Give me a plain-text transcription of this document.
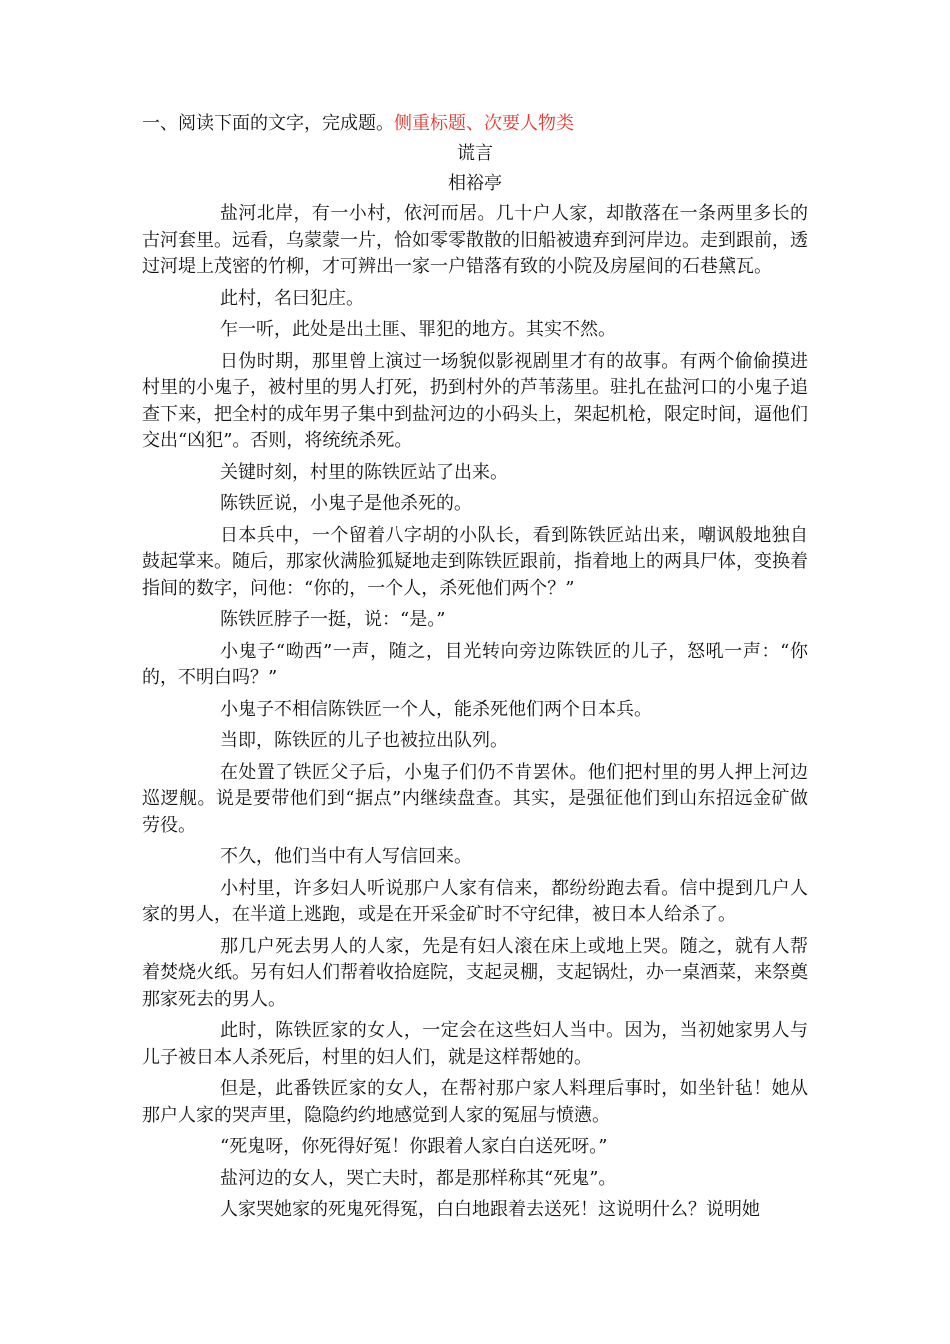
一、阅读下面的文字，完成题。侧重标题、次要人物类
谎言
相裕亭

盐河北岸，有一小村，依河而居。几十户人家，却散落在一条两里多长的古河套里。远看，乌蒙蒙一片，恰如零零散散的旧船被遗弃到河岸边。走到跟前，透过河堤上茂密的竹柳，才可辨出一家一户错落有致的小院及房屋间的石巷黛瓦。

此村，名曰犯庄。

乍一听，此处是出土匪、罪犯的地方。其实不然。

日伪时期，那里曾上演过一场貌似影视剧里才有的故事。有两个偷偷摸进村里的小鬼子，被村里的男人打死，扔到村外的芦苇荡里。驻扎在盐河口的小鬼子追查下来，把全村的成年男子集中到盐河边的小码头上，架起机枪，限定时间，逼他们交出“凶犯”。否则，将统统杀死。

关键时刻，村里的陈铁匠站了出来。

陈铁匠说，小鬼子是他杀死的。

日本兵中，一个留着八字胡的小队长，看到陈铁匠站出来，嘲讽般地独自鼓起掌来。随后，那家伙满脸狐疑地走到陈铁匠跟前，指着地上的两具尸体，变换着指间的数字，问他：“你的，一个人，杀死他们两个？”

陈铁匠脖子一挺，说：“是。”

小鬼子“呦西”一声，随之，目光转向旁边陈铁匠的儿子，怒吼一声：“你的，不明白吗？”

小鬼子不相信陈铁匠一个人，能杀死他们两个日本兵。

当即，陈铁匠的儿子也被拉出队列。

在处置了铁匠父子后，小鬼子们仍不肯罢休。他们把村里的男人押上河边巡逻舰。说是要带他们到“据点”内继续盘查。其实，是强征他们到山东招远金矿做劳役。

不久，他们当中有人写信回来。

小村里，许多妇人听说那户人家有信来，都纷纷跑去看。信中提到几户人家的男人，在半道上逃跑，或是在开采金矿时不守纪律，被日本人给杀了。

那几户死去男人的人家，先是有妇人滚在床上或地上哭。随之，就有人帮着焚烧火纸。另有妇人们帮着收拾庭院，支起灵棚，支起锅灶，办一桌酒菜，来祭奠那家死去的男人。

此时，陈铁匠家的女人，一定会在这些妇人当中。因为，当初她家男人与儿子被日本人杀死后，村里的妇人们，就是这样帮她的。

但是，此番铁匠家的女人，在帮衬那户家人料理后事时，如坐针毡！她从那户人家的哭声里，隐隐约约地感觉到人家的冤屈与愤懑。

“死鬼呀，你死得好冤！你跟着人家白白送死呀。”

盐河边的女人，哭亡夫时，都是那样称其“死鬼”。

人家哭她家的死鬼死得冤，白白地跟着去送死！这说明什么？说明她
